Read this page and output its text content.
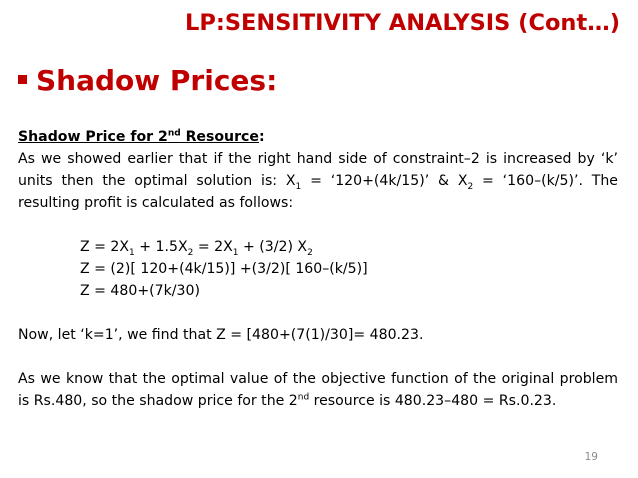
LP:SENSITIVITY ANALYSIS (Cont…)
Shadow Prices:

Shadow Price for 2nd Resource:

As we showed earlier that if the right hand side of constraint–2 is increased by ‘k’ units then the optimal solution is: $X_1$ = ‘120+(4k/15)’ & $X_2$ = ‘160–(k/5)’. The resulting profit is calculated as follows:

$Z = 2X_1 + 1.5X_2 = 2X_1 + (3/2)$ $X_2$

Z = (2)[ 120+(4k/15)] +(3/2)[ 160–(k/5)]

Z = 480+(7k/30)

Now, let ‘k=1’, we find that Z = [480+(7(1)/30]= 480.23.

As we know that the optimal value of the objective function of the original problem is Rs.480, so the shadow price for the 2nd resource is 480.23–480 = Rs.0.23.

19
